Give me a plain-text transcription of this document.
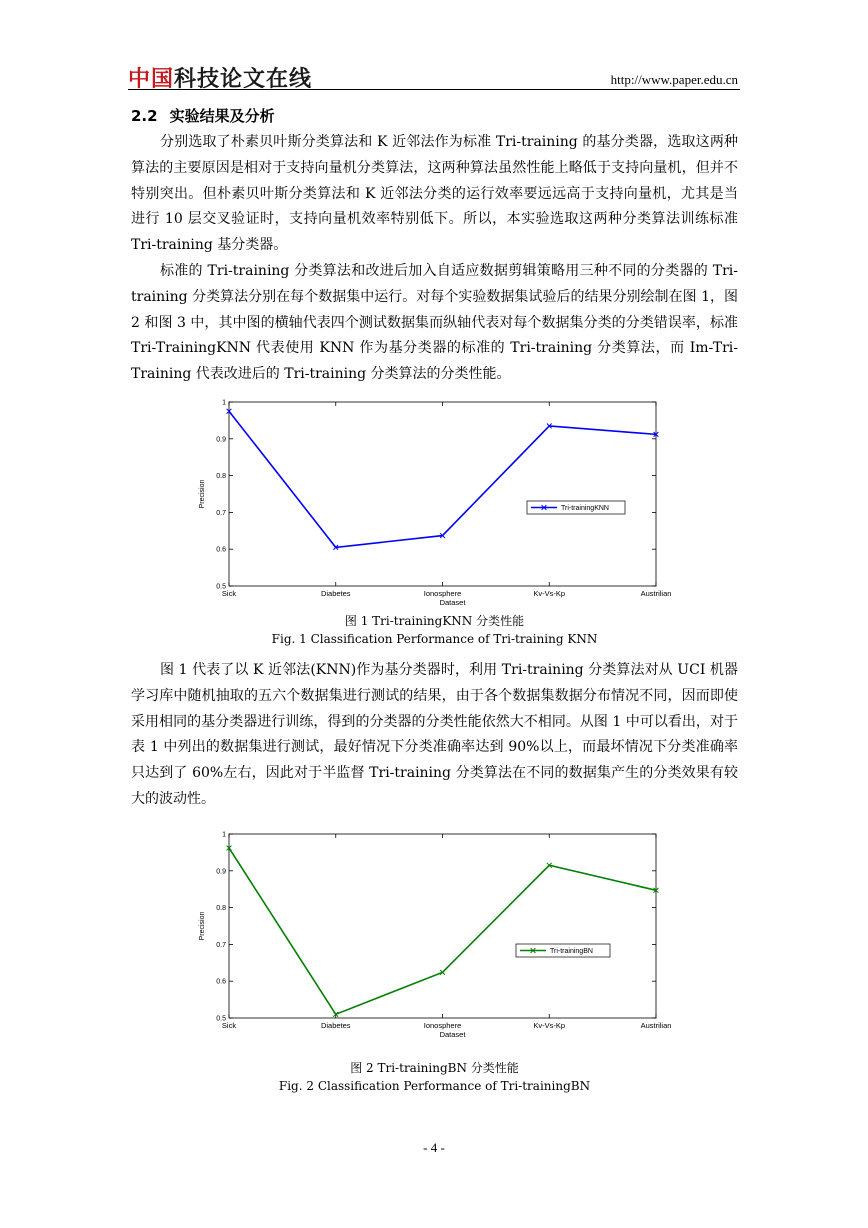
中国科技论文在线	http://www.paper.edu.cn
2.2 实验结果及分析

分别选取了朴素贝叶斯分类算法和 K 近邻法作为标准 Tri-training 的基分类器，选取这两种算法的主要原因是相对于支持向量机分类算法，这两种算法虽然性能上略低于支持向量机，但并不特别突出。但朴素贝叶斯分类算法和 K 近邻法分类的运行效率要远远高于支持向量机，尤其是当进行 10 层交叉验证时，支持向量机效率特别低下。所以，本实验选取这两种分类算法训练标准 Tri-training 基分类器。

标准的 Tri-training 分类算法和改进后加入自适应数据剪辑策略用三种不同的分类器的 Tri-training 分类算法分别在每个数据集中运行。对每个实验数据集试验后的结果分别绘制在图 1，图 2 和图 3 中，其中图的横轴代表四个测试数据集而纵轴代表对每个数据集分类的分类错误率，标准 Tri-TrainingKNN 代表使用 KNN 作为基分类器的标准的 Tri-training 分类算法，而 Im-Tri-Training 代表改进后的 Tri-training 分类算法的分类性能。

0.5
0.6
0.7
0.8
0.9
1
Sick	Diabetes	Ionosphere	Kv-Vs-Kp	Austrilian
Dataset
Precision
Tri-trainingKNN
图 1 Tri-trainingKNN 分类性能
Fig. 1 Classification Performance of Tri-training KNN

图 1 代表了以 K 近邻法(KNN)作为基分类器时，利用 Tri-training 分类算法对从 UCI 机器学习库中随机抽取的五六个数据集进行测试的结果，由于各个数据集数据分布情况不同，因而即使采用相同的基分类器进行训练，得到的分类器的分类性能依然大不相同。从图 1 中可以看出，对于表 1 中列出的数据集进行测试，最好情况下分类准确率达到 90%以上，而最坏情况下分类准确率只达到了 60%左右，因此对于半监督 Tri-training 分类算法在不同的数据集产生的分类效果有较大的波动性。

0.5
0.6
0.7
0.8
0.9
1
Sick	Diabetes	Ionosphere	Kv-Vs-Kp	Austrilian
Dataset
Precision
Tri-trainingBN
图 2 Tri-trainingBN 分类性能
Fig. 2 Classification Performance of Tri-trainingBN
- 4 -
